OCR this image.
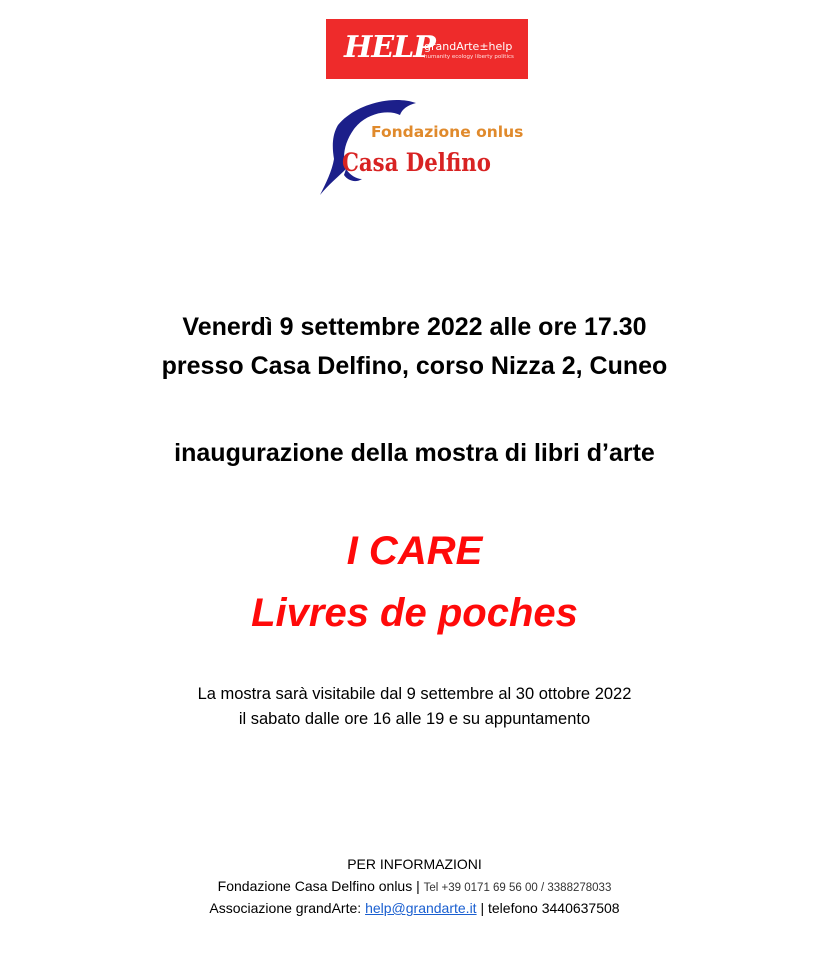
HELP
grandArte±help
humanity ecology liberty politics
Fondazione onlus
Casa Delfino
Venerdì 9 settembre 2022 alle ore 17.30
presso Casa Delfino, corso Nizza 2, Cuneo
inaugurazione della mostra di libri d’arte
I CARE
Livres de poches
La mostra sarà visitabile dal 9 settembre al 30 ottobre 2022
il sabato dalle ore 16 alle 19 e su appuntamento
PER INFORMAZIONI
Fondazione Casa Delfino onlus | Tel +39 0171 69 56 00 / 3388278033
Associazione grandArte: help@grandarte.it | telefono 3440637508
